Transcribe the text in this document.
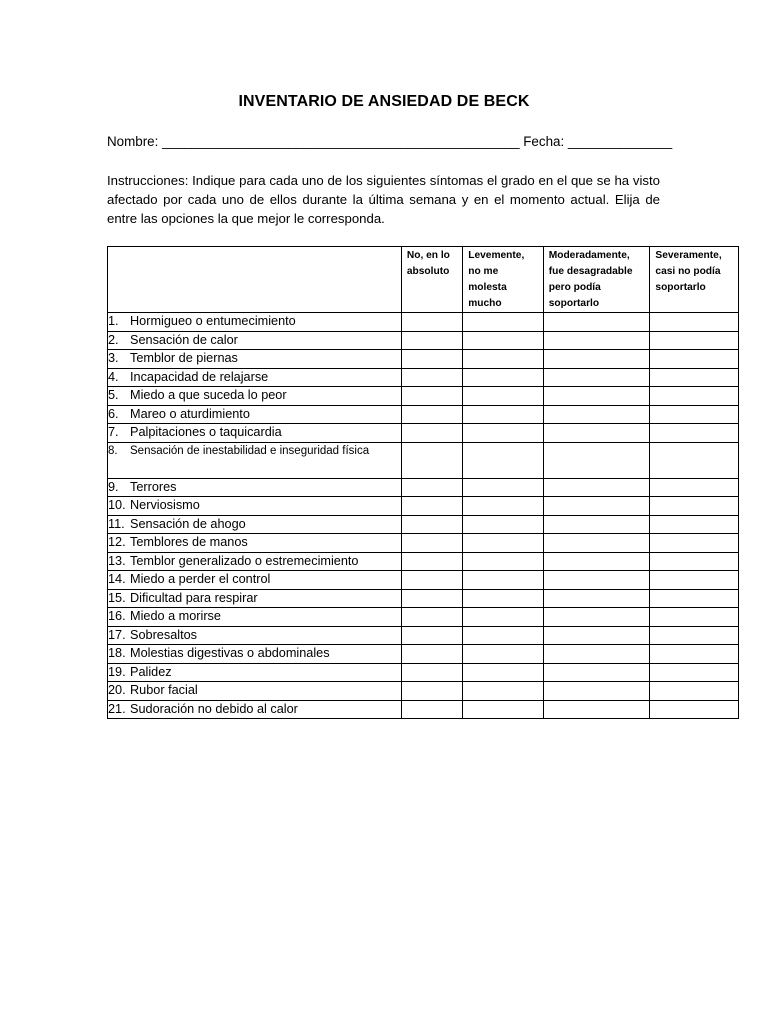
INVENTARIO DE ANSIEDAD DE BECK
Nombre: ________________________________________________ Fecha: ______________
Instrucciones: Indique para cada uno de los siguientes síntomas el grado en el que se ha visto afectado por cada uno de ellos durante la última semana y en el momento actual. Elija de entre las opciones la que mejor le corresponda.
	No, en lo absoluto	Levemente, no me molesta mucho	Moderadamente, fue desagradable pero podía soportarlo	Severamente, casi no podía soportarlo
1. Hormigueo o entumecimiento				
2. Sensación de calor				
3. Temblor de piernas				
4. Incapacidad de relajarse				
5. Miedo a que suceda lo peor				
6. Mareo o aturdimiento				
7. Palpitaciones o taquicardia				

8. Sensación de inestabilidad e inseguridad física				

9. Terrores				
10. Nerviosismo				
11. Sensación de ahogo				
12. Temblores de manos				
13. Temblor generalizado o estremecimiento				
14. Miedo a perder el control				
15. Dificultad para respirar				
16. Miedo a morirse				
17. Sobresaltos				
18. Molestias digestivas o abdominales				
19. Palidez				
20. Rubor facial				
21. Sudoración no debido al calor				
